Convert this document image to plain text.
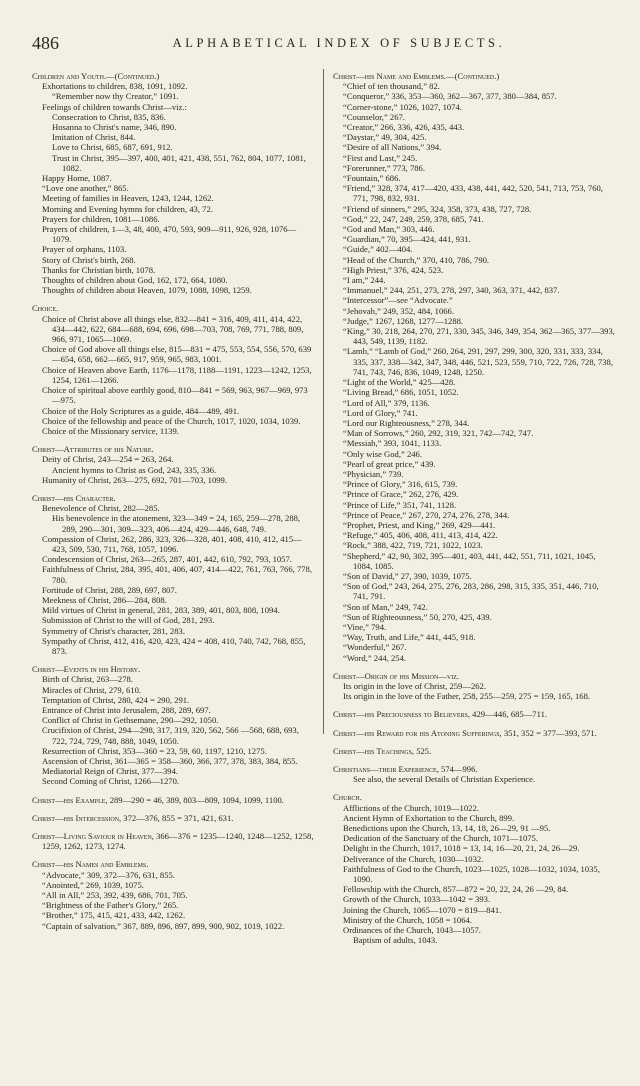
486	ALPHABETICAL INDEX OF SUBJECTS.
Children and Youth.—(Continued.)
Exhortations to children, 838, 1091, 1092.
“Remember now thy Creator,” 1091.
Feelings of children towards Christ—viz.:
Consecration to Christ, 835, 836.
Hosanna to Christ's name, 346, 890.
Imitation of Christ, 844.
Love to Christ, 685, 687, 691, 912.
Trust in Christ, 395—397, 400, 401, 421, 438, 551, 762, 804, 1077, 1081, 1082.
Happy Home, 1087.
“Love one another,” 865.
Meeting of families in Heaven, 1243, 1244, 1262.
Morning and Evening hymns for children, 43, 72.
Prayers for children, 1081—1086.
Prayers of children, 1—3, 48, 400, 470, 593, 909—911, 926, 928, 1076—1079.
Prayer of orphans, 1103.
Story of Christ's birth, 268.
Thanks for Christian birth, 1078.
Thoughts of children about God, 162, 172, 664, 1080.
Thoughts of children about Heaven, 1079, 1088, 1098, 1259.
Choice.
Choice of Christ above all things else, 832—841 = 316, 409, 411, 414, 422, 434—442, 622, 684—688, 694, 696, 698—703, 708, 769, 771, 788, 809, 966, 971, 1065—1069.
Choice of God above all things else, 815—831 = 475, 553, 554, 556, 570, 639—654, 658, 662—665, 917, 959, 965, 983, 1001.
Choice of Heaven above Earth, 1176—1178, 1188—1191, 1223—1242, 1253, 1254, 1261—1266.
Choice of spiritual above earthly good, 810—841 = 569, 963, 967—969, 973—975.
Choice of the Holy Scriptures as a guide, 484—489, 491.
Choice of the fellowship and peace of the Church, 1017, 1020, 1034, 1039.
Choice of the Missionary service, 1139.
Christ—Attributes of his Nature.
Deity of Christ, 243—254 = 263, 264.
Ancient hymns to Christ as God, 243, 335, 336.
Humanity of Christ, 263—275, 692, 701—703, 1099.
Christ—his Character.
Benevolence of Christ, 282—285.
His benevolence in the atonement, 323—349 = 24, 165, 259—278, 288, 289, 290—301, 309—323, 406—424, 429—446, 648, 749.
Compassion of Christ, 262, 286, 323, 326—328, 401, 408, 410, 412, 415—423, 509, 530, 711, 768, 1057, 1096.
Condescension of Christ, 263—265, 287, 401, 442, 610, 792, 793, 1057.
Faithfulness of Christ, 284, 395, 401, 406, 407, 414—422, 761, 763, 766, 778, 780.
Fortitude of Christ, 288, 289, 697, 807.
Meekness of Christ, 286—284, 808.
Mild virtues of Christ in general, 281, 283, 389, 401, 803, 808, 1094.
Submission of Christ to the will of God, 281, 293.
Symmetry of Christ's character, 281, 283.
Sympathy of Christ, 412, 416, 420, 423, 424 = 408, 410, 740, 742, 768, 855, 873.
Christ—Events in his History.
Birth of Christ, 263—278.
Miracles of Christ, 279, 610.
Temptation of Christ, 280, 424 = 290, 291.
Entrance of Christ into Jerusalem, 288, 289, 697.
Conflict of Christ in Gethsemane, 290—292, 1050.
Crucifixion of Christ, 294—298, 317, 319, 320, 562, 566 —568, 688, 693, 722, 724, 729, 748, 888, 1049, 1050.
Resurrection of Christ, 353—360 = 23, 59, 60, 1197, 1210, 1275.
Ascension of Christ, 361—365 = 358—360, 366, 377, 378, 383, 384, 855.
Mediatorial Reign of Christ, 377—394.
Second Coming of Christ, 1266—1270.
Christ—his Example, 289—290 = 46, 389, 803—809, 1094, 1099, 1100.
Christ—his Intercession, 372—376, 855 = 371, 421, 631.
Christ—Living Saviour in Heaven, 366—376 = 1235—1240, 1248—1252, 1258, 1259, 1262, 1273, 1274.
Christ—his Names and Emblems.
“Advocate,” 309, 372—376, 631, 855.
“Anointed,” 269, 1039, 1075.
“All in All,” 253, 392, 439, 686, 701, 705.
“Brightness of the Father's Glory,” 265.
“Brother,” 175, 415, 421, 433, 442, 1262.
“Captain of salvation,” 367, 889, 896, 897, 899, 900, 902, 1019, 1022.
Christ—his Name and Emblems.—(Continued.)
“Chief of ten thousand,” 82.
“Conqueror,” 336, 353—360, 362—367, 377, 380—384, 857.
“Corner-stone,” 1026, 1027, 1074.
“Counselor,” 267.
“Creator,” 266, 336, 426, 435, 443.
“Daystar,” 49, 304, 425.
“Desire of all Nations,” 394.
“First and Last,” 245.
“Forerunner,” 773, 786.
“Fountain,” 686.
“Friend,” 328, 374, 417—420, 433, 438, 441, 442, 520, 541, 713, 753, 760, 771, 798, 832, 931.
“Friend of sinners,” 295, 324, 358, 373, 438, 727, 728.
“God,” 22, 247, 249, 259, 378, 685, 741.
“God and Man,” 303, 446.
“Guardian,” 70, 395—424, 441, 931.
“Guide,” 402—404.
“Head of the Church,” 370, 410, 786, 790.
“High Priest,” 376, 424, 523.
“I am,” 244.
“Immanuel,” 244, 251, 273, 278, 297, 340, 363, 371, 442, 837.
“Intercessor”—see “Advocate.”
“Jehovah,” 249, 352, 484, 1066.
“Judge,” 1267, 1268, 1277—1288.
“King,” 30, 218, 264, 270, 271, 330, 345, 346, 349, 354, 362—365, 377—393, 443, 549, 1139, 1182.
“Lamb,” “Lamb of God,” 260, 264, 291, 297, 299, 300, 320, 331, 333, 334, 335, 337, 338—342, 347, 348, 446, 521, 523, 559, 710, 722, 726, 728, 738, 741, 743, 746, 836, 1049, 1248, 1250.
“Light of the World,” 425—428.
“Living Bread,” 686, 1051, 1052.
“Lord of All,” 379, 1136.
“Lord of Glory,” 741.
“Lord our Righteousness,” 278, 344.
“Man of Sorrows,” 260, 292, 319, 321, 742—742, 747.
“Messiah,” 393, 1041, 1133.
“Only wise God,” 246.
“Pearl of great price,” 439.
“Physician,” 739.
“Prince of Glory,” 316, 615, 739.
“Prince of Grace,” 262, 276, 429.
“Prince of Life,” 351, 741, 1128.
“Prince of Peace,” 267, 270, 274, 276, 278, 344.
“Prophet, Priest, and King,” 269, 429—441.
“Refuge,” 405, 406, 408, 411, 413, 414, 422.
“Rock,” 388, 422, 719, 721, 1022, 1023.
“Shepherd,” 42, 90, 302, 395—401, 403, 441, 442, 551, 711, 1021, 1045, 1084, 1085.
“Son of David,” 27, 390, 1039, 1075.
“Son of God,” 243, 264, 275, 276, 283, 286, 298, 315, 335, 351, 446, 710, 741, 791.
“Son of Man,” 249, 742.
“Sun of Righteousness,” 50, 270, 425, 439.
“Vine,” 794.
“Way, Truth, and Life,” 441, 445, 918.
“Wonderful,” 267.
“Word,” 244, 254.
Christ—Origin of his Mission—viz.
Its origin in the love of Christ, 259—262.
Its origin in the love of the Father, 258, 255—259, 275 = 159, 165, 168.
Christ—his Preciousness to Believers, 429—446, 685—711.
Christ—his Reward for his Atoning Sufferings, 351, 352 = 377—393, 571.
Christ—his Teachings, 525.
Christians—their Experience, 574—996.
See also, the several Details of Christian Experience.
Church.
Afflictions of the Church, 1019—1022.
Ancient Hymn of Exhortation to the Church, 899.
Benedictions upon the Church, 13, 14, 18, 26—29, 91 —95.
Dedication of the Sanctuary of the Church, 1071—1075.
Delight in the Church, 1017, 1018 = 13, 14, 16—20, 21, 24, 26—29.
Deliverance of the Church, 1030—1032.
Faithfulness of God to the Church, 1023—1025, 1028—1032, 1034, 1035, 1090.
Fellowship with the Church, 857—872 = 20, 22, 24, 26 —29, 84.
Growth of the Church, 1033—1042 = 393.
Joining the Church, 1065—1070 = 819—841.
Ministry of the Church, 1058 = 1064.
Ordinances of the Church, 1043—1057.
Baptism of adults, 1043.
